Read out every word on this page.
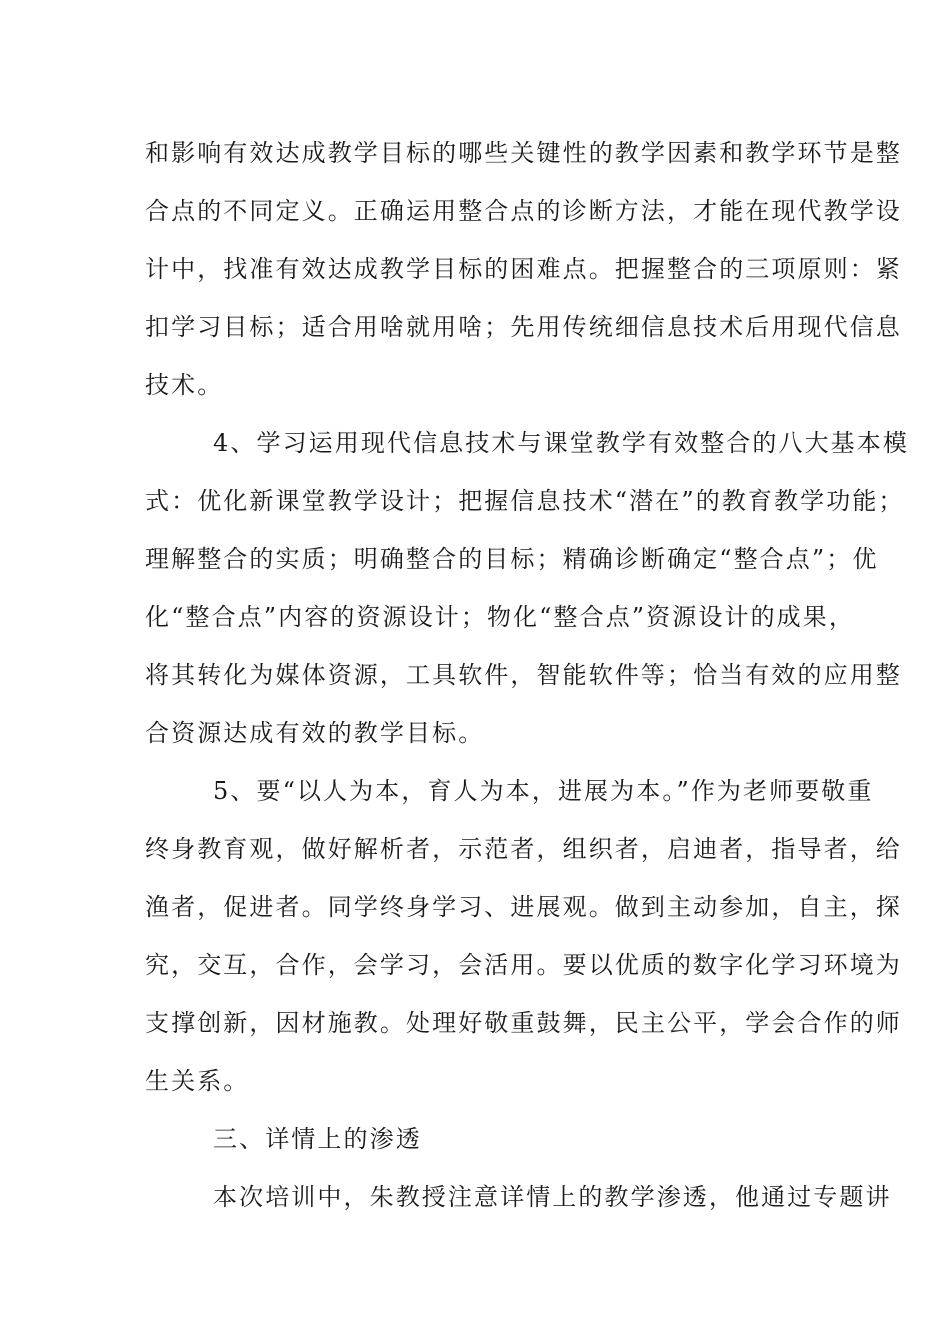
和影响有效达成教学目标的哪些关键性的教学因素和教学环节是整
合点的不同定义。正确运用整合点的诊断方法，才能在现代教学设
计中，找准有效达成教学目标的困难点。把握整合的三项原则：紧
扣学习目标；适合用啥就用啥；先用传统细信息技术后用现代信息
技术。
4、学习运用现代信息技术与课堂教学有效整合的八大基本模
式：优化新课堂教学设计；把握信息技术“潜在”的教育教学功能；
理解整合的实质；明确整合的目标；精确诊断确定“整合点”；优
化“整合点”内容的资源设计；物化“整合点”资源设计的成果，
将其转化为媒体资源，工具软件，智能软件等；恰当有效的应用整
合资源达成有效的教学目标。
5、要“以人为本，育人为本，进展为本。”作为老师要敬重
终身教育观，做好解析者，示范者，组织者，启迪者，指导者，给
渔者，促进者。同学终身学习、进展观。做到主动参加，自主，探
究，交互，合作，会学习，会活用。要以优质的数字化学习环境为
支撑创新，因材施教。处理好敬重鼓舞，民主公平，学会合作的师
生关系。
三、详情上的渗透
本次培训中，朱教授注意详情上的教学渗透，他通过专题讲
